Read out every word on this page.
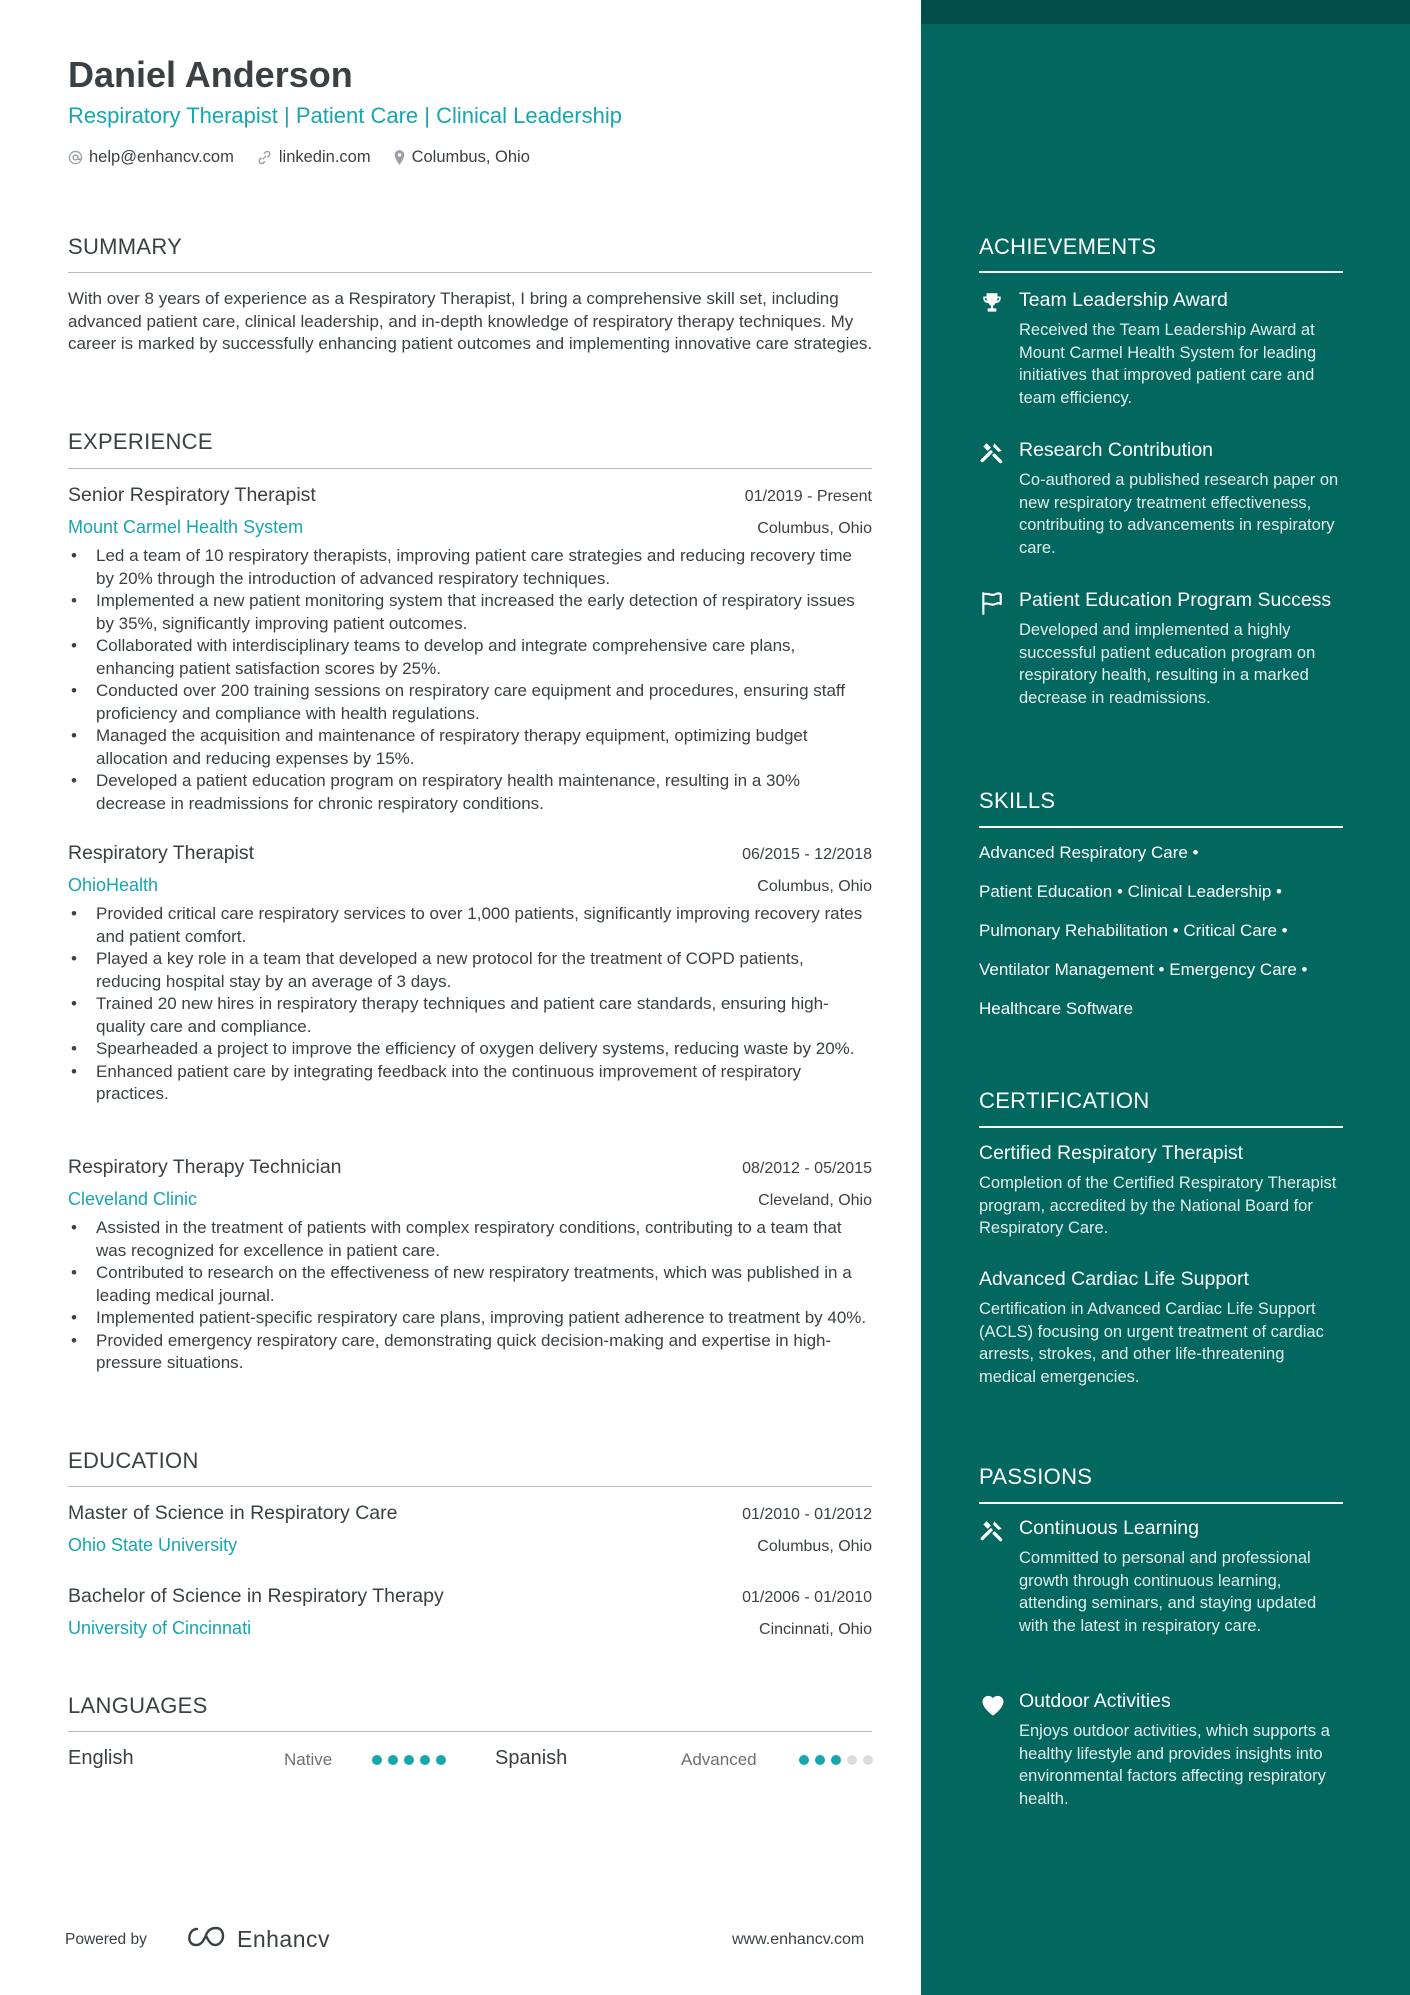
Daniel Anderson
Respiratory Therapist | Patient Care | Clinical Leadership
help@enhancv.com	linkedin.com Columbus, Ohio
SUMMARY
With over 8 years of experience as a Respiratory Therapist, I bring a comprehensive skill set, including advanced patient care, clinical leadership, and in-depth knowledge of respiratory therapy techniques. My career is marked by successfully enhancing patient outcomes and implementing innovative care strategies.
EXPERIENCE
Senior Respiratory Therapist	01/2019 - Present
Mount Carmel Health System	Columbus, Ohio
• Led a team of 10 respiratory therapists, improving patient care strategies and reducing recovery time by 20% through the introduction of advanced respiratory techniques.
• Implemented a new patient monitoring system that increased the early detection of respiratory issues by 35%, significantly improving patient outcomes.
• Collaborated with interdisciplinary teams to develop and integrate comprehensive care plans, enhancing patient satisfaction scores by 25%.
• Conducted over 200 training sessions on respiratory care equipment and procedures, ensuring staff proficiency and compliance with health regulations.
• Managed the acquisition and maintenance of respiratory therapy equipment, optimizing budget allocation and reducing expenses by 15%.
• Developed a patient education program on respiratory health maintenance, resulting in a 30% decrease in readmissions for chronic respiratory conditions.
Respiratory Therapist	06/2015 - 12/2018
OhioHealth	Columbus, Ohio
• Provided critical care respiratory services to over 1,000 patients, significantly improving recovery rates and patient comfort.
• Played a key role in a team that developed a new protocol for the treatment of COPD patients, reducing hospital stay by an average of 3 days.
• Trained 20 new hires in respiratory therapy techniques and patient care standards, ensuring high-quality care and compliance.
• Spearheaded a project to improve the efficiency of oxygen delivery systems, reducing waste by 20%.
• Enhanced patient care by integrating feedback into the continuous improvement of respiratory practices.
Respiratory Therapy Technician	08/2012 - 05/2015
Cleveland Clinic	Cleveland, Ohio
• Assisted in the treatment of patients with complex respiratory conditions, contributing to a team that was recognized for excellence in patient care.
• Contributed to research on the effectiveness of new respiratory treatments, which was published in a leading medical journal.
• Implemented patient-specific respiratory care plans, improving patient adherence to treatment by 40%.
• Provided emergency respiratory care, demonstrating quick decision-making and expertise in high-pressure situations.
EDUCATION
Master of Science in Respiratory Care	01/2010 - 01/2012
Ohio State University	Columbus, Ohio
Bachelor of Science in Respiratory Therapy	01/2006 - 01/2010
University of Cincinnati	Cincinnati, Ohio
LANGUAGES
English	Native	Spanish	Advanced
Powered by	Enhancv	www.enhancv.com
ACHIEVEMENTS
Team Leadership Award
Received the Team Leadership Award at Mount Carmel Health System for leading initiatives that improved patient care and team efficiency.
Research Contribution
Co-authored a published research paper on new respiratory treatment effectiveness, contributing to advancements in respiratory care.
Patient Education Program Success
Developed and implemented a highly successful patient education program on respiratory health, resulting in a marked decrease in readmissions.
SKILLS
Advanced Respiratory Care •
Patient Education • Clinical Leadership •
Pulmonary Rehabilitation • Critical Care •
Ventilator Management • Emergency Care •
Healthcare Software
CERTIFICATION
Certified Respiratory Therapist
Completion of the Certified Respiratory Therapist program, accredited by the National Board for Respiratory Care.
Advanced Cardiac Life Support
Certification in Advanced Cardiac Life Support (ACLS) focusing on urgent treatment of cardiac arrests, strokes, and other life-threatening medical emergencies.
PASSIONS
Continuous Learning
Committed to personal and professional growth through continuous learning, attending seminars, and staying updated with the latest in respiratory care.
Outdoor Activities
Enjoys outdoor activities, which supports a healthy lifestyle and provides insights into environmental factors affecting respiratory health.
